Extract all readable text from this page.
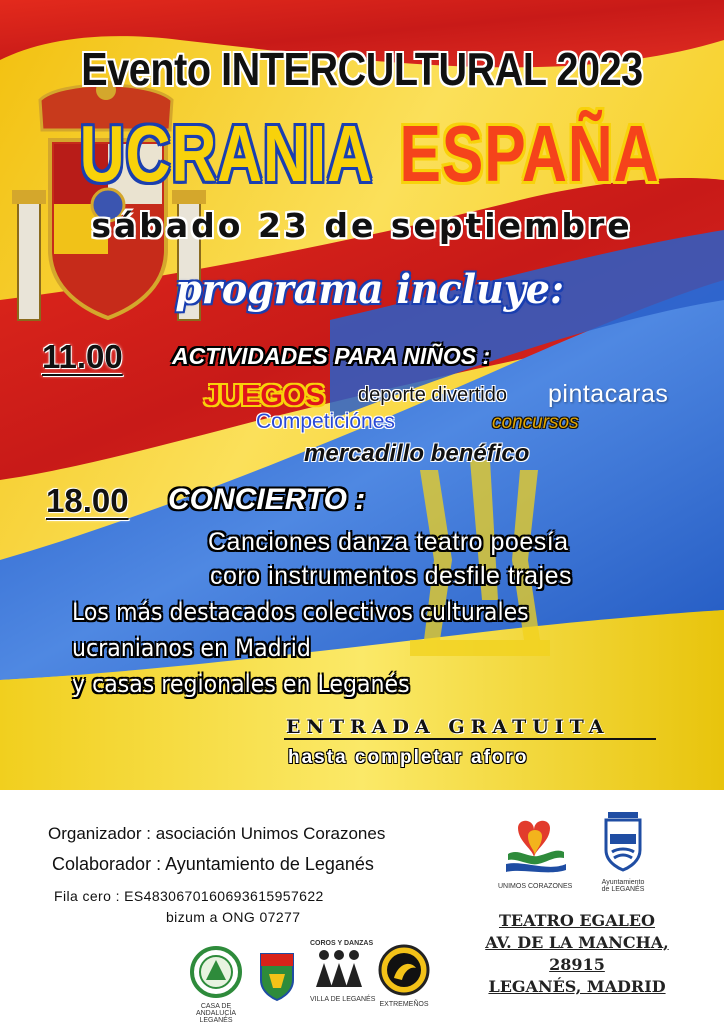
Evento INTERCULTURAL 2023
UCRANIA ESPAÑA
sábado 23 de septiembre
programa incluye:
11.00 ACTIVIDADES PARA NIÑOS :
JUEGOS deporte divertido pintacaras
Competiciónes	concursos
mercadillo benéfico
18.00 CONCIERTO :
Canciones danza teatro poesía
coro instrumentos desfile trajes
Los más destacados colectivos culturales
ucranianos en Madrid
y casas regionales en Leganés
ENTRADA GRATUITA
hasta completar aforo
Organizador : asociación Unimos Corazones
Colaborador : Ayuntamiento de Leganés
Fila cero : ES4830670160693615957622
bizum a ONG 07277	TEATRO EGALEO
AV. DE LA MANCHA, 28915
LEGANÉS, MADRID
UNIMOS CORAZONES
Ayuntamiento de LEGANÉS
CASA DE ANDALUCÍA LEGANÉS
COROS Y DANZAS
VILLA DE LEGANÉS
EXTREMEÑOS
